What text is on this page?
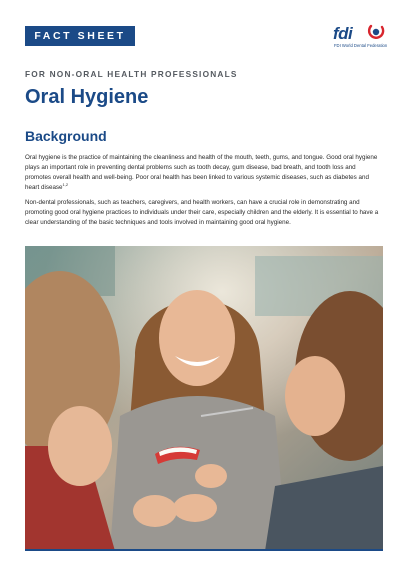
FACT SHEET	fdi
FDI World Dental Federation
FOR NON-ORAL HEALTH PROFESSIONALS
Oral Hygiene
Background

Oral hygiene is the practice of maintaining the cleanliness and health of the mouth, teeth, gums, and tongue. Good oral hygiene plays an important role in preventing dental problems such as tooth decay, gum disease, bad breath, and tooth loss and promotes overall health and well-being. Poor oral health has been linked to various systemic diseases, such as diabetes and heart disease$^{1,2}$

Non-dental professionals, such as teachers, caregivers, and health workers, can have a crucial role in demonstrating and promoting good oral hygiene practices to individuals under their care, especially children and the elderly. It is essential to have a clear understanding of the basic techniques and tools involved in maintaining good oral hygiene.
